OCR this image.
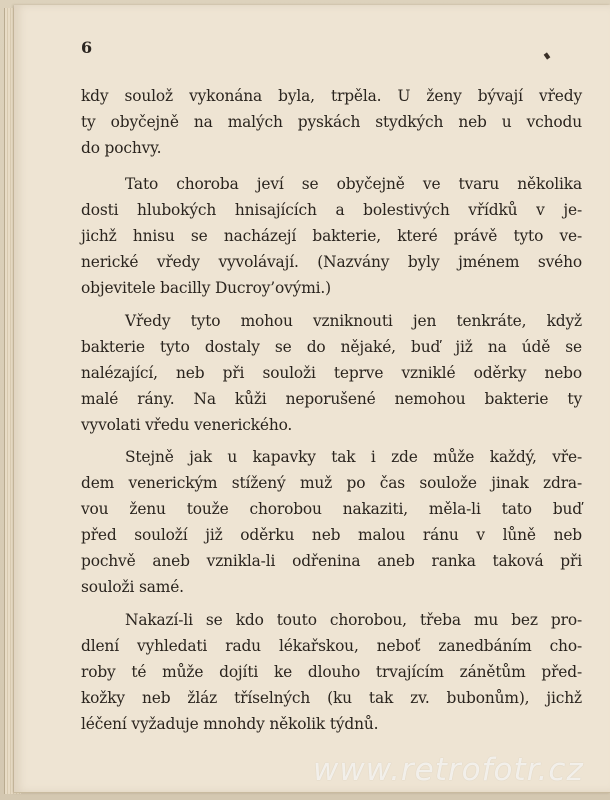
6
kdy soulož vykonána byla, trpěla. U ženy bývají vředy
ty obyčejně na malých pyskách stydkých neb u vchodu
do pochvy.
Tato choroba jeví se obyčejně ve tvaru několika
dosti hlubokých hnisajících a bolestivých vřídků v je-
jichž hnisu se nacházejí bakterie, které právě tyto ve-
nerické vředy vyvolávají. (Nazvány byly jménem svého
objevitele bacilly Ducroy’ovými.)
Vředy tyto mohou vzniknouti jen tenkráte, když
bakterie tyto dostaly se do nějaké, buď již na údě se
nalézající, neb při souloži teprve vzniklé oděrky nebo
malé rány. Na kůži neporušené nemohou bakterie ty
vyvolati vředu venerického.
Stejně jak u kapavky tak i zde může každý, vře-
dem venerickým stížený muž po čas soulože jinak zdra-
vou ženu touže chorobou nakaziti, měla-li tato buď
před souloží již oděrku neb malou ránu v lůně neb
pochvě aneb vznikla-li odřenina aneb ranka taková při
souloži samé.
Nakazí-li se kdo touto chorobou, třeba mu bez pro-
dlení vyhledati radu lékařskou, neboť zanedbáním cho-
roby té může dojíti ke dlouho trvajícím zánětům před-
kožky neb žláz tříselných (ku tak zv. bubonům), jichž
léčení vyžaduje mnohdy několik týdnů.
www.retrofotr.cz
